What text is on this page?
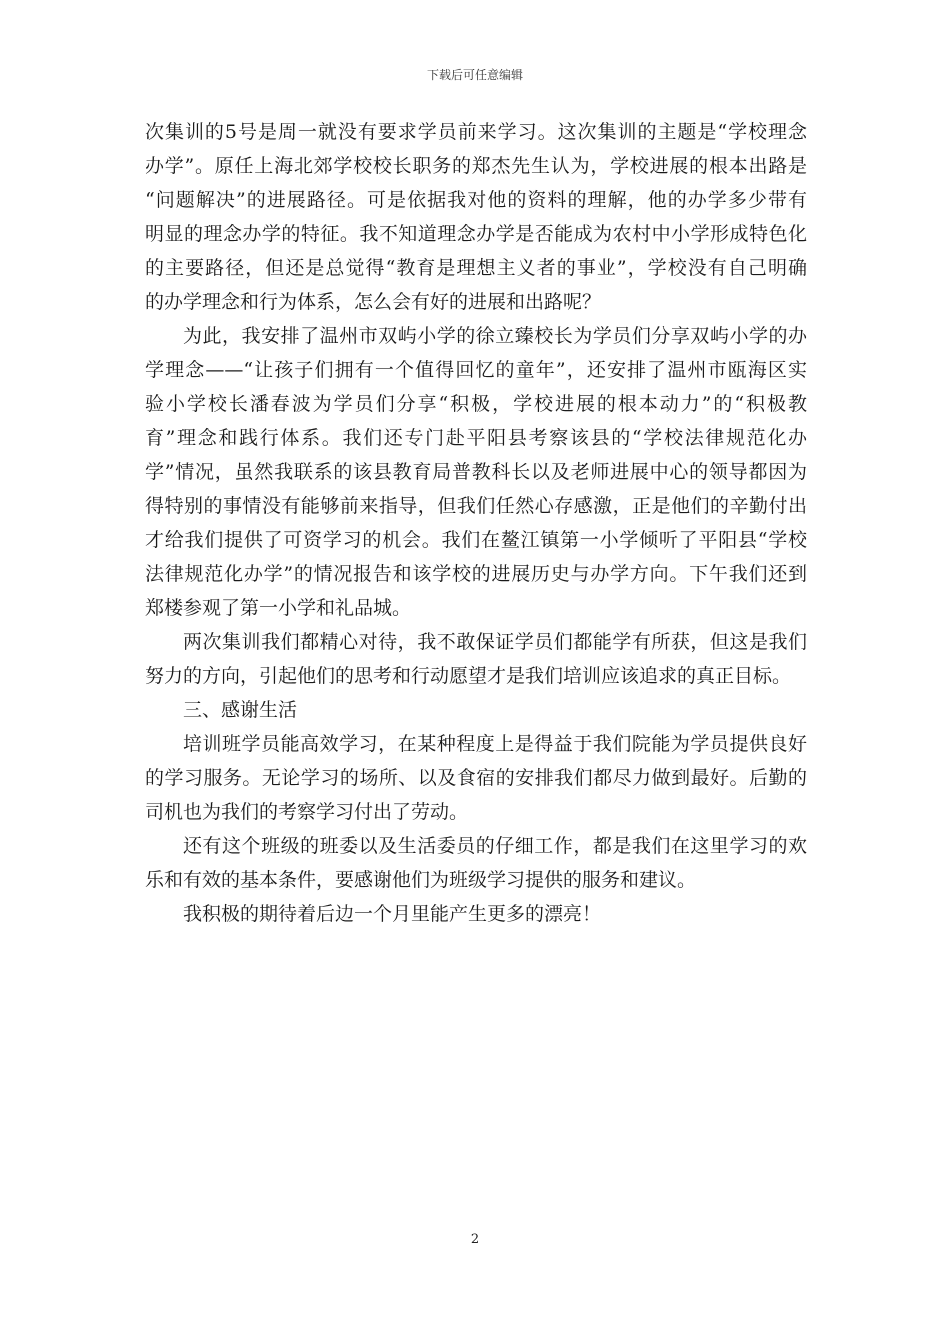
下载后可任意编辑
次集训的5号是周一就没有要求学员前来学习。这次集训的主题是“学校理念
办学”。原任上海北郊学校校长职务的郑杰先生认为，学校进展的根本出路是
“问题解决”的进展路径。可是依据我对他的资料的理解，他的办学多少带有
明显的理念办学的特征。我不知道理念办学是否能成为农村中小学形成特色化
的主要路径，但还是总觉得“教育是理想主义者的事业”，学校没有自己明确
的办学理念和行为体系，怎么会有好的进展和出路呢？
为此，我安排了温州市双屿小学的徐立臻校长为学员们分享双屿小学的办
学理念——“让孩子们拥有一个值得回忆的童年”，还安排了温州市瓯海区实
验小学校长潘春波为学员们分享“积极，学校进展的根本动力”的“积极教
育”理念和践行体系。我们还专门赴平阳县考察该县的“学校法律规范化办
学”情况，虽然我联系的该县教育局普教科长以及老师进展中心的领导都因为
得特别的事情没有能够前来指导，但我们任然心存感激，正是他们的辛勤付出
才给我们提供了可资学习的机会。我们在鳌江镇第一小学倾听了平阳县“学校
法律规范化办学”的情况报告和该学校的进展历史与办学方向。下午我们还到
郑楼参观了第一小学和礼品城。
两次集训我们都精心对待，我不敢保证学员们都能学有所获，但这是我们
努力的方向，引起他们的思考和行动愿望才是我们培训应该追求的真正目标。
三、感谢生活
培训班学员能高效学习，在某种程度上是得益于我们院能为学员提供良好
的学习服务。无论学习的场所、以及食宿的安排我们都尽力做到最好。后勤的
司机也为我们的考察学习付出了劳动。
还有这个班级的班委以及生活委员的仔细工作，都是我们在这里学习的欢
乐和有效的基本条件，要感谢他们为班级学习提供的服务和建议。
我积极的期待着后边一个月里能产生更多的漂亮！
2
